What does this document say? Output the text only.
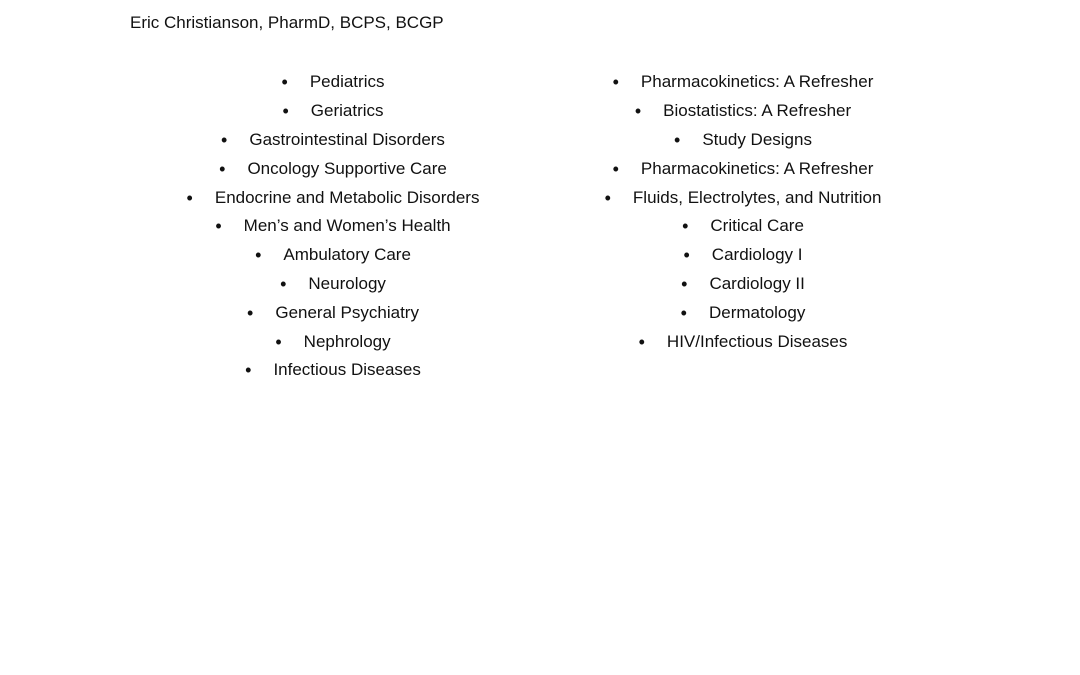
Eric Christianson, PharmD, BCPS, BCGP
• Pediatrics
• Geriatrics
• Gastrointestinal Disorders
• Oncology Supportive Care
• Endocrine and Metabolic Disorders
• Men’s and Women’s Health
• Ambulatory Care
• Neurology
• General Psychiatry
• Nephrology
• Infectious Diseases
• Pharmacokinetics: A Refresher
• Biostatistics: A Refresher
• Study Designs
• Pharmacokinetics: A Refresher
• Fluids, Electrolytes, and Nutrition
• Critical Care
• Cardiology I
• Cardiology II
• Dermatology
• HIV/Infectious Diseases
